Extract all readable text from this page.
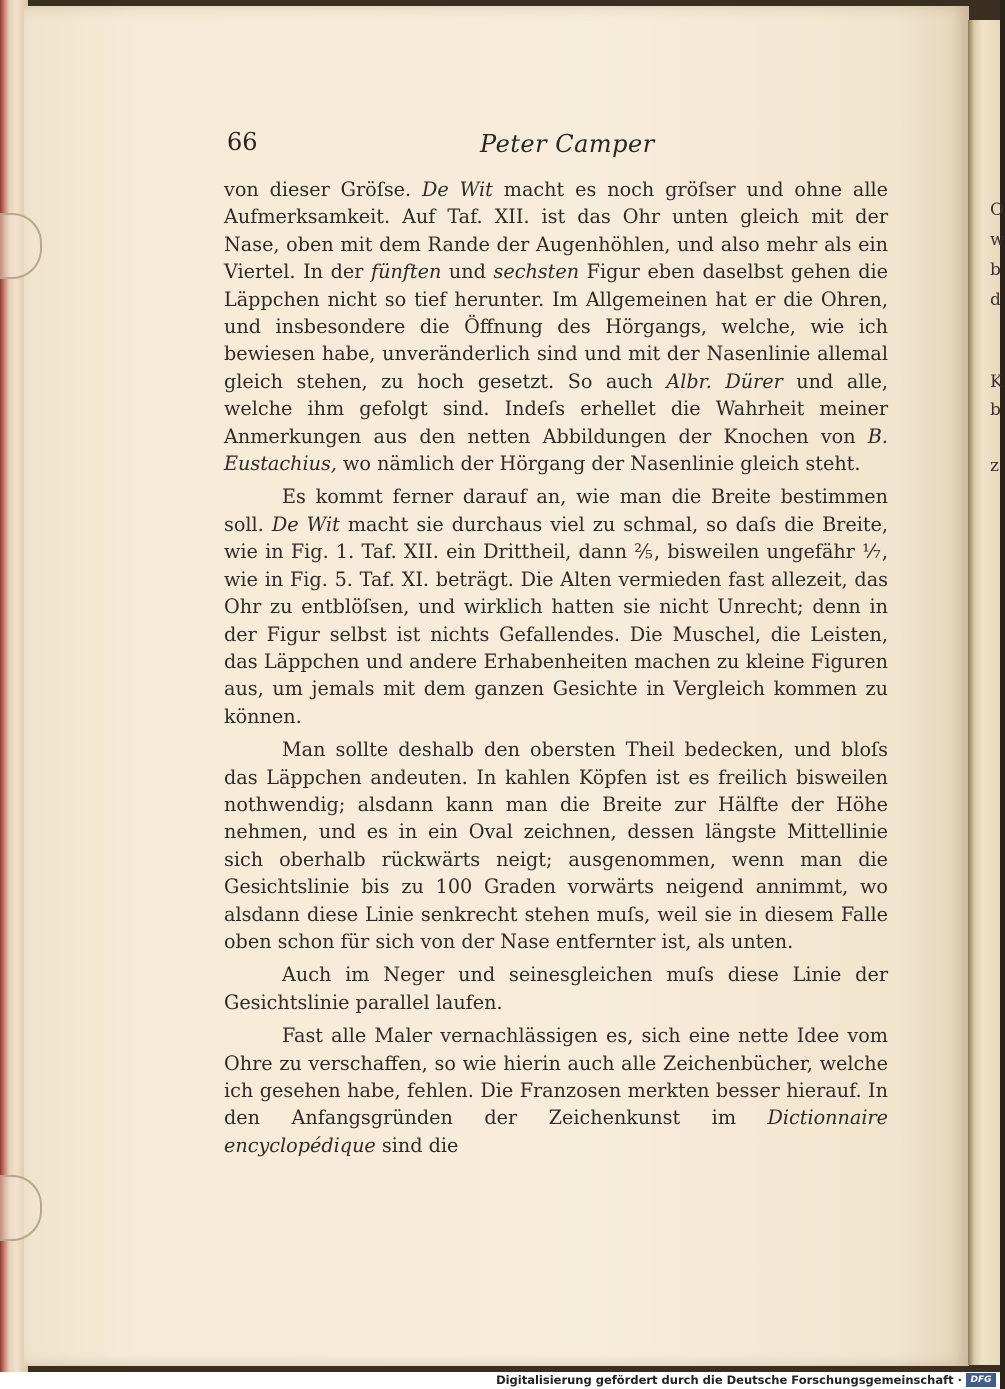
66	Peter Camper

von dieser Gröſse. De Wit macht es noch gröſser und ohne alle Aufmerksamkeit. Auf Taf. XII. ist das Ohr unten gleich mit der Nase, oben mit dem Rande der Augenhöhlen, und also mehr als ein Viertel. In der fünften und sechsten Figur eben daselbst gehen die Läppchen nicht so tief herunter. Im Allgemeinen hat er die Ohren, und insbesondere die Öffnung des Hörgangs, welche, wie ich bewiesen habe, unveränderlich sind und mit der Nasenlinie allemal gleich stehen, zu hoch gesetzt. So auch Albr. Dürer und alle, welche ihm gefolgt sind. Indeſs erhellet die Wahrheit meiner Anmerkungen aus den netten Abbildungen der Knochen von B. Eustachius, wo nämlich der Hörgang der Nasenlinie gleich steht.

Es kommt ferner darauf an, wie man die Breite bestimmen soll. De Wit macht sie durchaus viel zu schmal, so daſs die Breite, wie in Fig. 1. Taf. XII. ein Drittheil, dann ⅖, bisweilen ungefähr ⅐, wie in Fig. 5. Taf. XI. beträgt. Die Alten vermieden fast allezeit, das Ohr zu entblöſsen, und wirklich hatten sie nicht Unrecht; denn in der Figur selbst ist nichts Gefallendes. Die Muschel, die Leisten, das Läppchen und andere Erhabenheiten machen zu kleine Figuren aus, um jemals mit dem ganzen Gesichte in Vergleich kommen zu können.

Man sollte deshalb den obersten Theil bedecken, und bloſs das Läppchen andeuten. In kahlen Köpfen ist es freilich bisweilen nothwendig; alsdann kann man die Breite zur Hälfte der Höhe nehmen, und es in ein Oval zeichnen, dessen längste Mittellinie sich oberhalb rückwärts neigt; ausgenommen, wenn man die Gesichtslinie bis zu 100 Graden vorwärts neigend annimmt, wo alsdann diese Linie senkrecht stehen muſs, weil sie in diesem Falle oben schon für sich von der Nase entfernter ist, als unten.

Auch im Neger und seinesgleichen muſs diese Linie der Gesichtslinie parallel laufen.

Fast alle Maler vernachlässigen es, sich eine nette Idee vom Ohre zu verschaffen, so wie hierin auch alle Zeichenbücher, welche ich gesehen habe, fehlen. Die Franzosen merkten besser hierauf. In den Anfangsgründen der Zeichenkunst im Dictionnaire encyclopédique sind die

O
w
b
d
K
b
z
Digitalisierung gefördert durch die Deutsche Forschungsgemeinschaft · DFG
